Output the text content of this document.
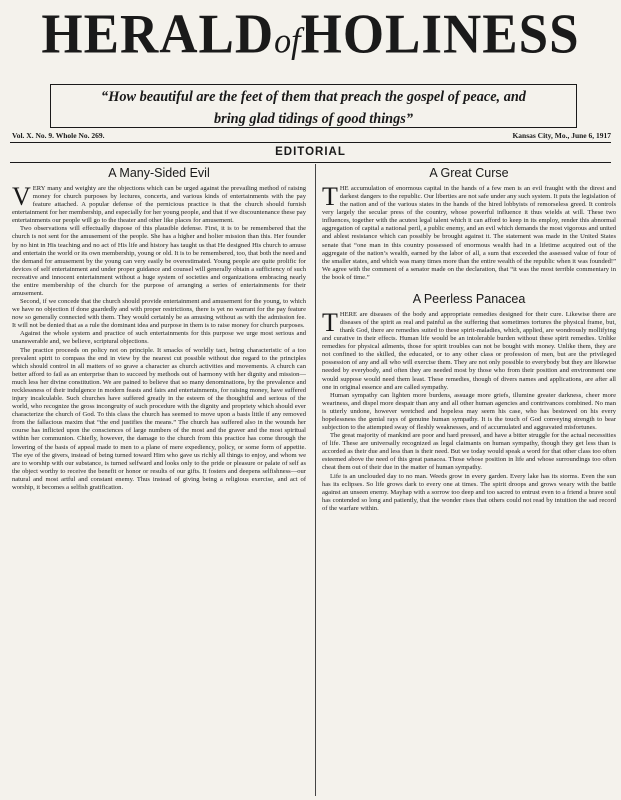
HERALDofHOLINESS
“How beautiful are the feet of them that preach the gospel of peace, and
bring glad tidings of good things”
Vol. X. No. 9. Whole No. 269.	Kansas City, Mo., June 6, 1917
EDITORIAL
A Many-Sided Evil

VERY many and weighty are the objections which can be urged against the prevailing method of raising money for church purposes by lectures, concerts, and various kinds of entertainments with the pay feature attached. A popular defense of the pernicious practice is that the church should furnish entertainment for her membership, and especially for her young people, and that if we discountenance these pay entertainments our people will go to the theater and other like places for amusement.

Two observations will effectually dispose of this plausible defense. First, it is to be remembered that the church is not sent for the amusement of the people. She has a higher and holier mission than this. Her founder by no hint in His teaching and no act of His life and history has taught us that He designed His church to amuse and entertain the world or its own membership, young or old. It is to be remembered, too, that both the need and the demand for amusement by the young can very easily be overestimated. Young people are quite prolific for devices of self entertainment and under proper guidance and counsel will generally obtain a sufficiency of such recreative and innocent entertainment without a huge system of societies and organizations embracing nearly the entire membership of the church for the purpose of arranging a series of entertainments for their amusement.

Second, if we concede that the church should provide entertainment and amusement for the young, to which we have no objection if done guardedly and with proper restrictions, there is yet no warrant for the pay feature now so generally connected with them. They would certainly be as amusing without as with the admission fee. It will not be denied that as a rule the dominant idea and purpose in them is to raise money for church purposes.

Against the whole system and practice of such entertainments for this purpose we urge most serious and unanswerable and, we believe, scriptural objections.

The practice proceeds on policy not on principle. It smacks of worldly tact, being characteristic of a too prevalent spirit to compass the end in view by the nearest cut possible without due regard to the principles which should control in all matters of so grave a character as church activities and movements. A church can better afford to fail as an enterprise than to succeed by methods out of harmony with her dignity and mission—much less her divine constitution. We are pained to believe that so many denominations, by the prevalence and recklessness of their indulgence in modern feasts and fairs and entertainments, for raising money, have suffered injury incalculable. Such churches have suffered greatly in the esteem of the thoughtful and serious of the world, who recognize the gross incongruity of such procedure with the dignity and propriety which should ever characterize the church of God. To this class the church has seemed to move upon a basis little if any removed from the fallacious maxim that “the end justifies the means.” The church has suffered also in the wounds her course has inflicted upon the consciences of large numbers of the most and the graver and the most spiritual within her communion. Chiefly, however, the damage to the church from this practice has come through the lowering of the basis of appeal made to men to a plane of mere expediency, policy, or some form of appetite. The eye of the givers, instead of being turned toward Him who gave us richly all things to enjoy, and whom we are to worship with our substance, is turned selfward and looks only to the pride or pleasure or palate of self as the object worthy to receive the benefit or honor or results of our gifts. It fosters and deepens selfishness—our natural and most artful and constant enemy. Thus instead of giving being a religious exercise, and act of worship, it becomes a selfish gratification.

A Great Curse

THE accumulation of enormous capital in the hands of a few men is an evil fraught with the direst and darkest dangers to the republic. Our liberties are not safe under any such system. It puts the legislation of the nation and of the various states in the hands of the hired lobbyists of remorseless greed. It controls very largely the secular press of the country, whose powerful influence it thus wields at will. These two influences, together with the acutest legal talent which it can afford to keep in its employ, render this abnormal aggregation of capital a national peril, a public enemy, and an evil which demands the most vigorous and united and ablest resistance which can possibly be brought against it. The statement was made in the United States senate that “one man in this country possessed of enormous wealth had in a lifetime acquired out of the aggregate of the nation’s wealth, earned by the labor of all, a sum that exceeded the assessed value of four of the smaller states, and which was many times more than the entire wealth of the republic when it was founded!” We agree with the comment of a senator made on the declaration, that “it was the most terrible commentary in the book of time.”

A Peerless Panacea

THERE are diseases of the body and appropriate remedies designed for their cure. Likewise there are diseases of the spirit as real and painful as the suffering that sometimes tortures the physical frame, but, thank God, there are remedies suited to these spirit-maladies, which, applied, are wondrously mollifying and curative in their effects. Human life would be an intolerable burden without these spirit remedies. Unlike remedies for physical ailments, those for spirit troubles can not be bought with money. Unlike them, they are not confined to the skilled, the educated, or to any other class or profession of men, but are the privileged possession of any and all who will exercise them. They are not only possible to everybody but they are likewise needed by everybody, and often they are needed most by those who from their position and environment one would suppose would need them least. These remedies, though of divers names and applications, are after all one in original essence and are called sympathy.

Human sympathy can lighten more burdens, assuage more griefs, illumine greater darkness, cheer more weariness, and dispel more despair than any and all other human agencies and contrivances combined. No man is utterly undone, however wretched and hopeless may seem his case, who has bestowed on his every hopelessness the genial rays of genuine human sympathy. It is the touch of God conveying strength to bear subjection to the attempted sway of fleshly weaknesses, and of accumulated and aggravated misfortunes.

The great majority of mankind are poor and hard pressed, and have a bitter struggle for the actual necessities of life. These are universally recognized as legal claimants on human sympathy, though they get less than is accorded as their due and less than is their need. But we today would speak a word for that other class too often esteemed above the need of this great panacea. Those whose position in life and whose surroundings too often cheat them out of their due in the matter of human sympathy.

Life is an unclouded day to no man. Weeds grow in every garden. Every lake has its storms. Even the sun has its eclipses. So life grows dark to every one at times. The spirit droops and grows weary with the battle against an unseen enemy. Mayhap with a sorrow too deep and too sacred to entrust even to a friend a brave soul has contended so long and patiently, that the wonder rises that others could not read by intuition the sad record of the warfare within.
